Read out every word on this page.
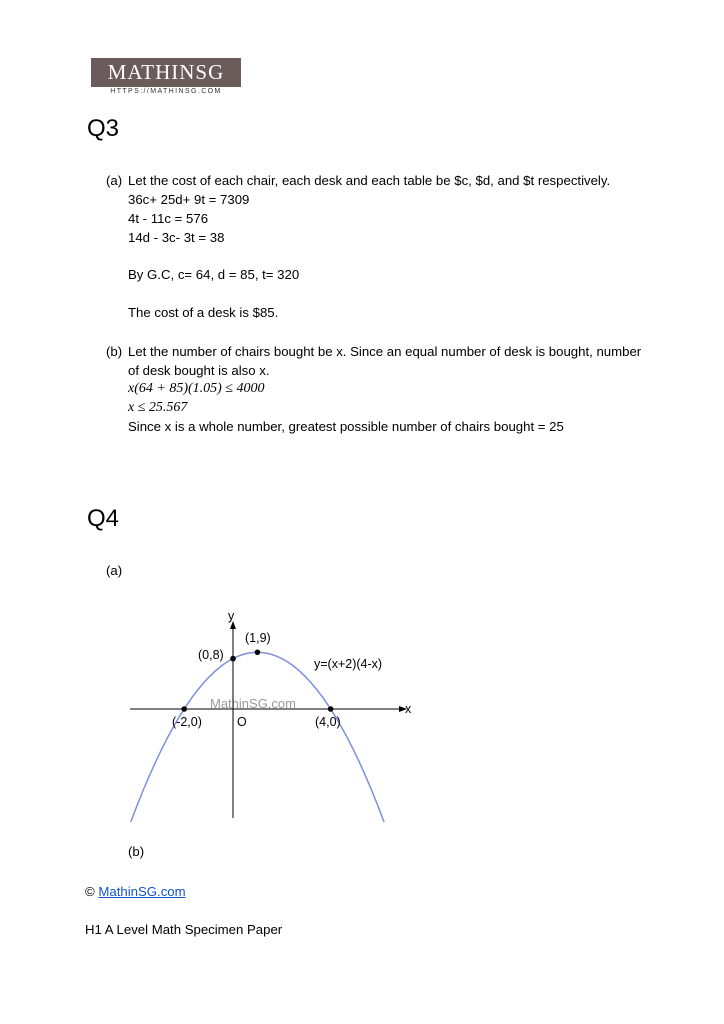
MATHINSG
HTTPS://MATHINSG.COM
Q3
(a) Let the cost of each chair, each desk and each table be $c, $d, and $t respectively.
36c+ 25d+ 9t = 7309
4t - 11c = 576
14d - 3c- 3t = 38
By G.C, c= 64, d = 85, t= 320
The cost of a desk is $85.
(b) Let the number of chairs bought be x. Since an equal number of desk is bought, number
of desk bought is also x.
x(64 + 85)(1.05) ≤ 4000
x ≤ 25.567
Since x is a whole number, greatest possible number of chairs bought = 25
Q4
(a)
MathinSG.com
y
x
O
(-2,0)
(0,8)
(1,9)
(4,0)
y=(x+2)(4-x)
(b)
© MathinSG.com
H1 A Level Math Specimen Paper
